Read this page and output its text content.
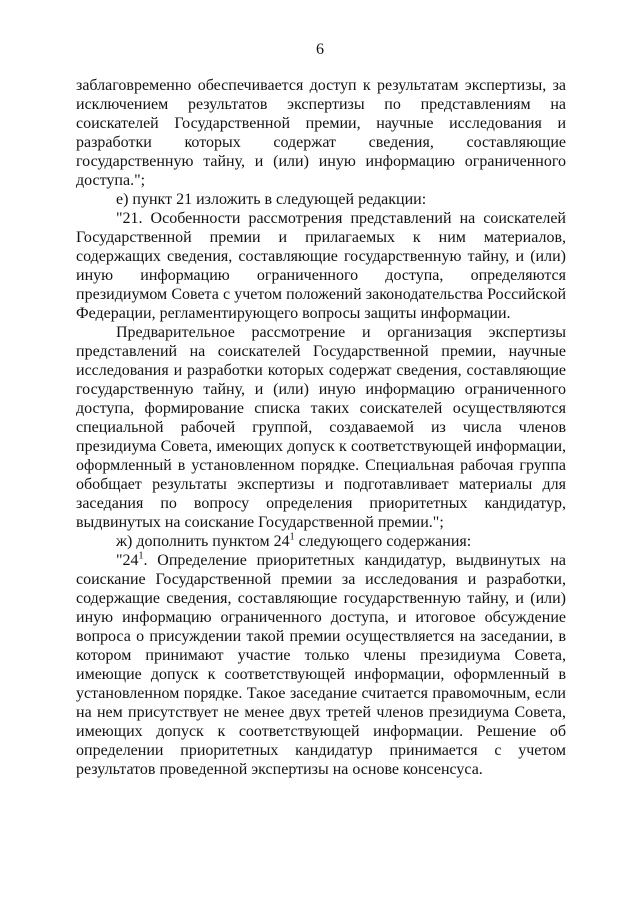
6

заблаговременно обеспечивается доступ к результатам экспертизы, за исключением результатов экспертизы по представлениям на соискателей Государственной премии, научные исследования и разработки которых содержат сведения, составляющие государственную тайну, и (или) иную информацию ограниченного доступа.";

е) пункт 21 изложить в следующей редакции:

"21. Особенности рассмотрения представлений на соискателей Государственной премии и прилагаемых к ним материалов, содержащих сведения, составляющие государственную тайну, и (или) иную информацию ограниченного доступа, определяются президиумом Совета с учетом положений законодательства Российской Федерации, регламентирующего вопросы защиты информации.

Предварительное рассмотрение и организация экспертизы представлений на соискателей Государственной премии, научные исследования и разработки которых содержат сведения, составляющие государственную тайну, и (или) иную информацию ограниченного доступа, формирование списка таких соискателей осуществляются специальной рабочей группой, создаваемой из числа членов президиума Совета, имеющих допуск к соответствующей информации, оформленный в установленном порядке. Специальная рабочая группа обобщает результаты экспертизы и подготавливает материалы для заседания по вопросу определения приоритетных кандидатур, выдвинутых на соискание Государственной премии.";

ж) дополнить пунктом $24^1$ следующего содержания:

"$24^1$. Определение приоритетных кандидатур, выдвинутых на соискание Государственной премии за исследования и разработки, содержащие сведения, составляющие государственную тайну, и (или) иную информацию ограниченного доступа, и итоговое обсуждение вопроса о присуждении такой премии осуществляется на заседании, в котором принимают участие только члены президиума Совета, имеющие допуск к соответствующей информации, оформленный в установленном порядке. Такое заседание считается правомочным, если на нем присутствует не менее двух третей членов президиума Совета, имеющих допуск к соответствующей информации. Решение об определении приоритетных кандидатур принимается с учетом результатов проведенной экспертизы на основе консенсуса.
